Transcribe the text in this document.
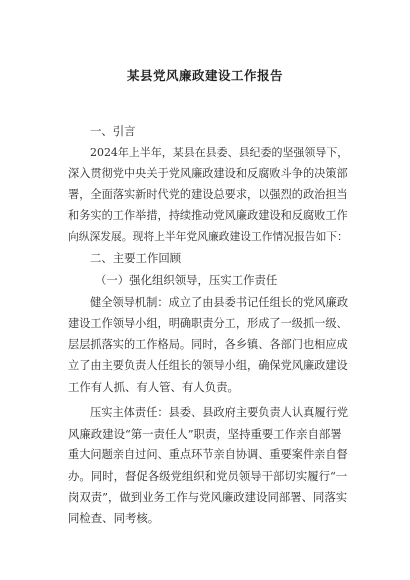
某县党风廉政建设工作报告
一、引言
2024年上半年，某县在县委、县纪委的坚强领导下，
深入贯彻党中央关于党风廉政建设和反腐败斗争的决策部
署，全面落实新时代党的建设总要求，以强烈的政治担当
和务实的工作举措，持续推动党风廉政建设和反腐败工作
向纵深发展。现将上半年党风廉政建设工作情况报告如下：
二、主要工作回顾
（一）强化组织领导，压实工作责任
健全领导机制：成立了由县委书记任组长的党风廉政
建设工作领导小组，明确职责分工，形成了一级抓一级、
层层抓落实的工作格局。同时，各乡镇、各部门也相应成
立了由主要负责人任组长的领导小组，确保党风廉政建设
工作有人抓、有人管、有人负责。
压实主体责任：县委、县政府主要负责人认真履行党
风廉政建设“第一责任人”职责，坚持重要工作亲自部署
重大问题亲自过问、重点环节亲自协调、重要案件亲自督
办。同时，督促各级党组织和党员领导干部切实履行“一
岗双责”，做到业务工作与党风廉政建设同部署、同落实
同检查、同考核。
